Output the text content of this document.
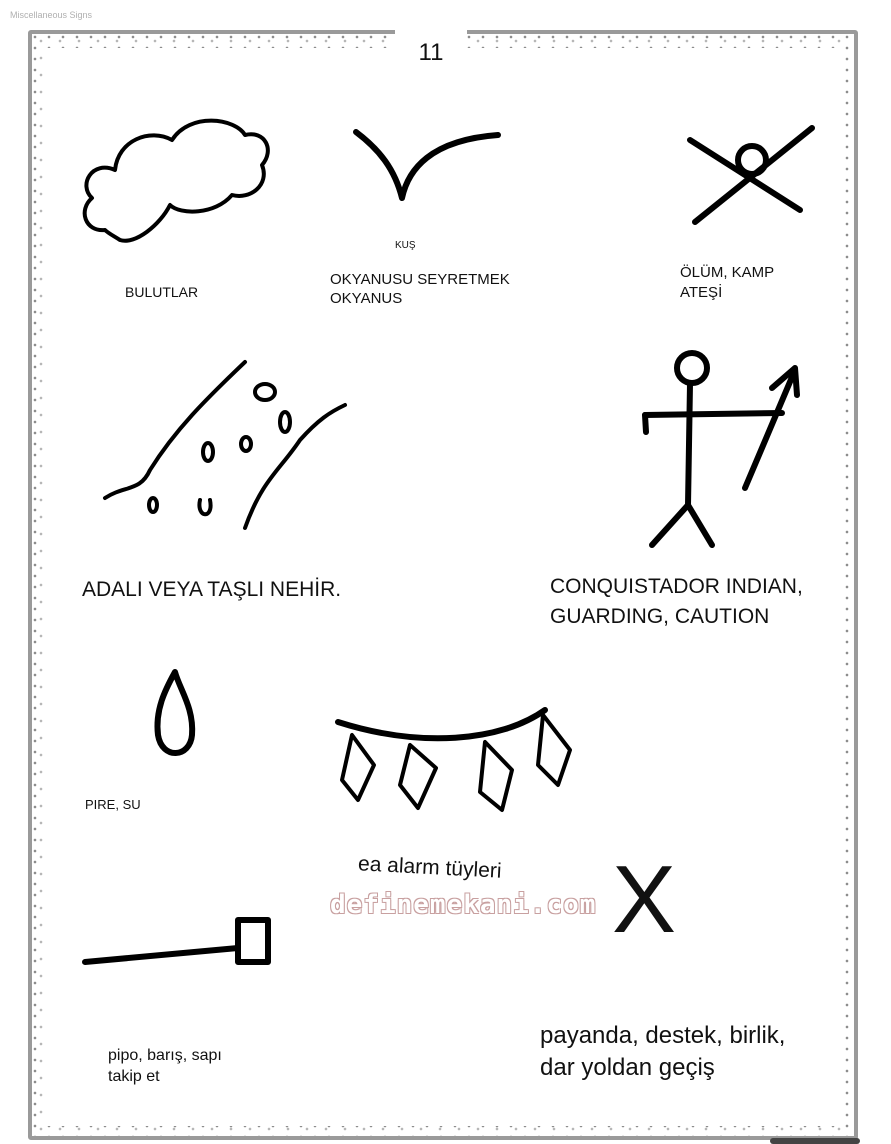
Miscellaneous Signs
11
BULUTLAR
KUŞ
OKYANUSU SEYRETMEK
OKYANUS
ÖLÜM, KAMP
ATEŞİ
ADALI VEYA TAŞLI NEHİR.	CONQUISTADOR INDIAN,
GUARDING, CAUTION
PIRE, SU
ea alarm tüyleri X
payanda, destek, birlik,
dar yoldan geçiş
pipo, barış, sapı
takip et
definemekani.com
